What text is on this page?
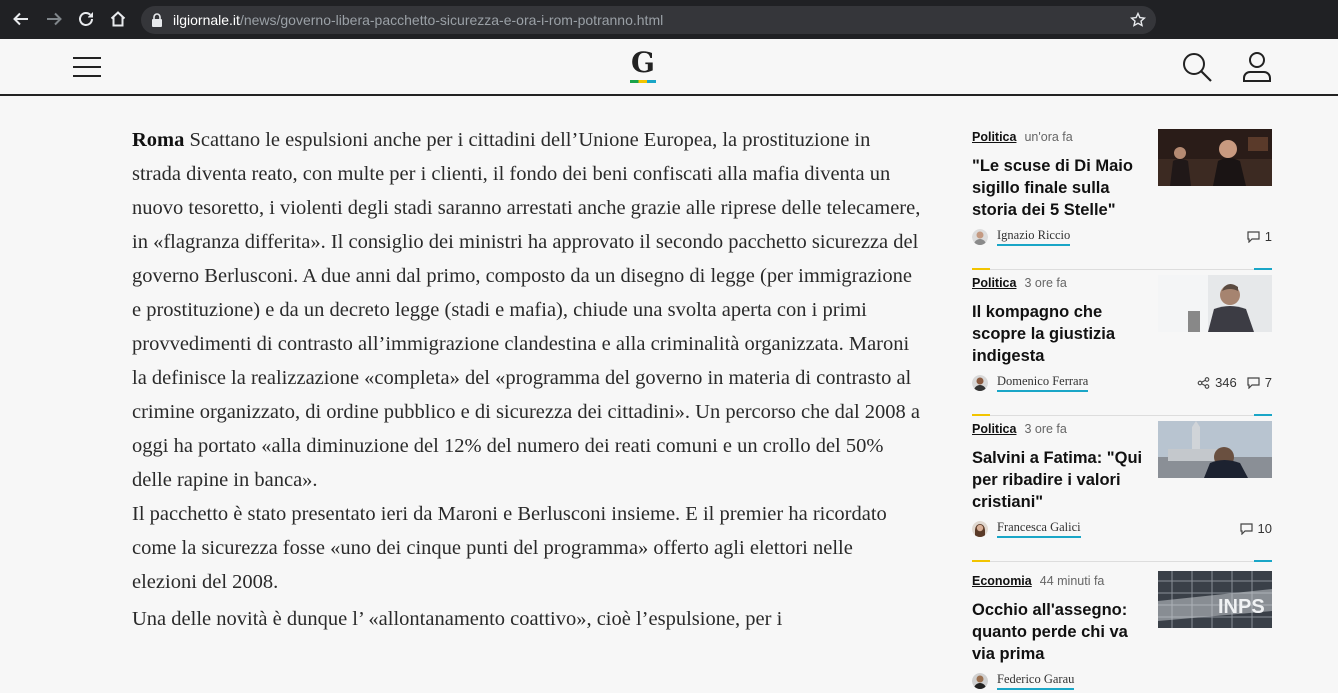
ilgiornale.it/news/governo-libera-pacchetto-sicurezza-e-ora-i-rom-potranno.html
G

Roma Scattano le espulsioni anche per i cittadini dell’Unione Europea, la prostituzione in strada diventa reato, con multe per i clienti, il fondo dei beni confiscati alla mafia diventa un nuovo tesoretto, i violenti degli stadi saranno arrestati anche grazie alle riprese delle telecamere, in «flagranza differita». Il consiglio dei ministri ha approvato il secondo pacchetto sicurezza del governo Berlusconi. A due anni dal primo, composto da un disegno di legge (per immigrazione e prostituzione) e da un decreto legge (stadi e mafia), chiude una svolta aperta con i primi provvedimenti di contrasto all’immigrazione clandestina e alla criminalità organizzata. Maroni la definisce la realizzazione «completa» del «programma del governo in materia di contrasto al crimine organizzato, di ordine pubblico e di sicurezza dei cittadini». Un percorso che dal 2008 a oggi ha portato «alla diminuzione del 12% del numero dei reati comuni e un crollo del 50% delle rapine in banca».

Il pacchetto è stato presentato ieri da Maroni e Berlusconi insieme. E il premier ha ricordato come la sicurezza fosse «uno dei cinque punti del programma» offerto agli elettori nelle elezioni del 2008.

Una delle novità è dunque l’ «allontanamento coattivo», cioè l’espulsione, per i

Politica un'ora fa
"Le scuse di Di Maio sigillo finale sulla storia dei 5 Stelle"
Ignazio Riccio	1
Politica 3 ore fa
Il kompagno che scopre la giustizia indigesta
Domenico Ferrara	346 7
Politica 3 ore fa
Salvini a Fatima: "Qui per ribadire i valori cristiani"
Francesca Galici	10
Economia 44 minuti fa
Occhio all'assegno: quanto perde chi va via prima
INPS
Federico Garau
